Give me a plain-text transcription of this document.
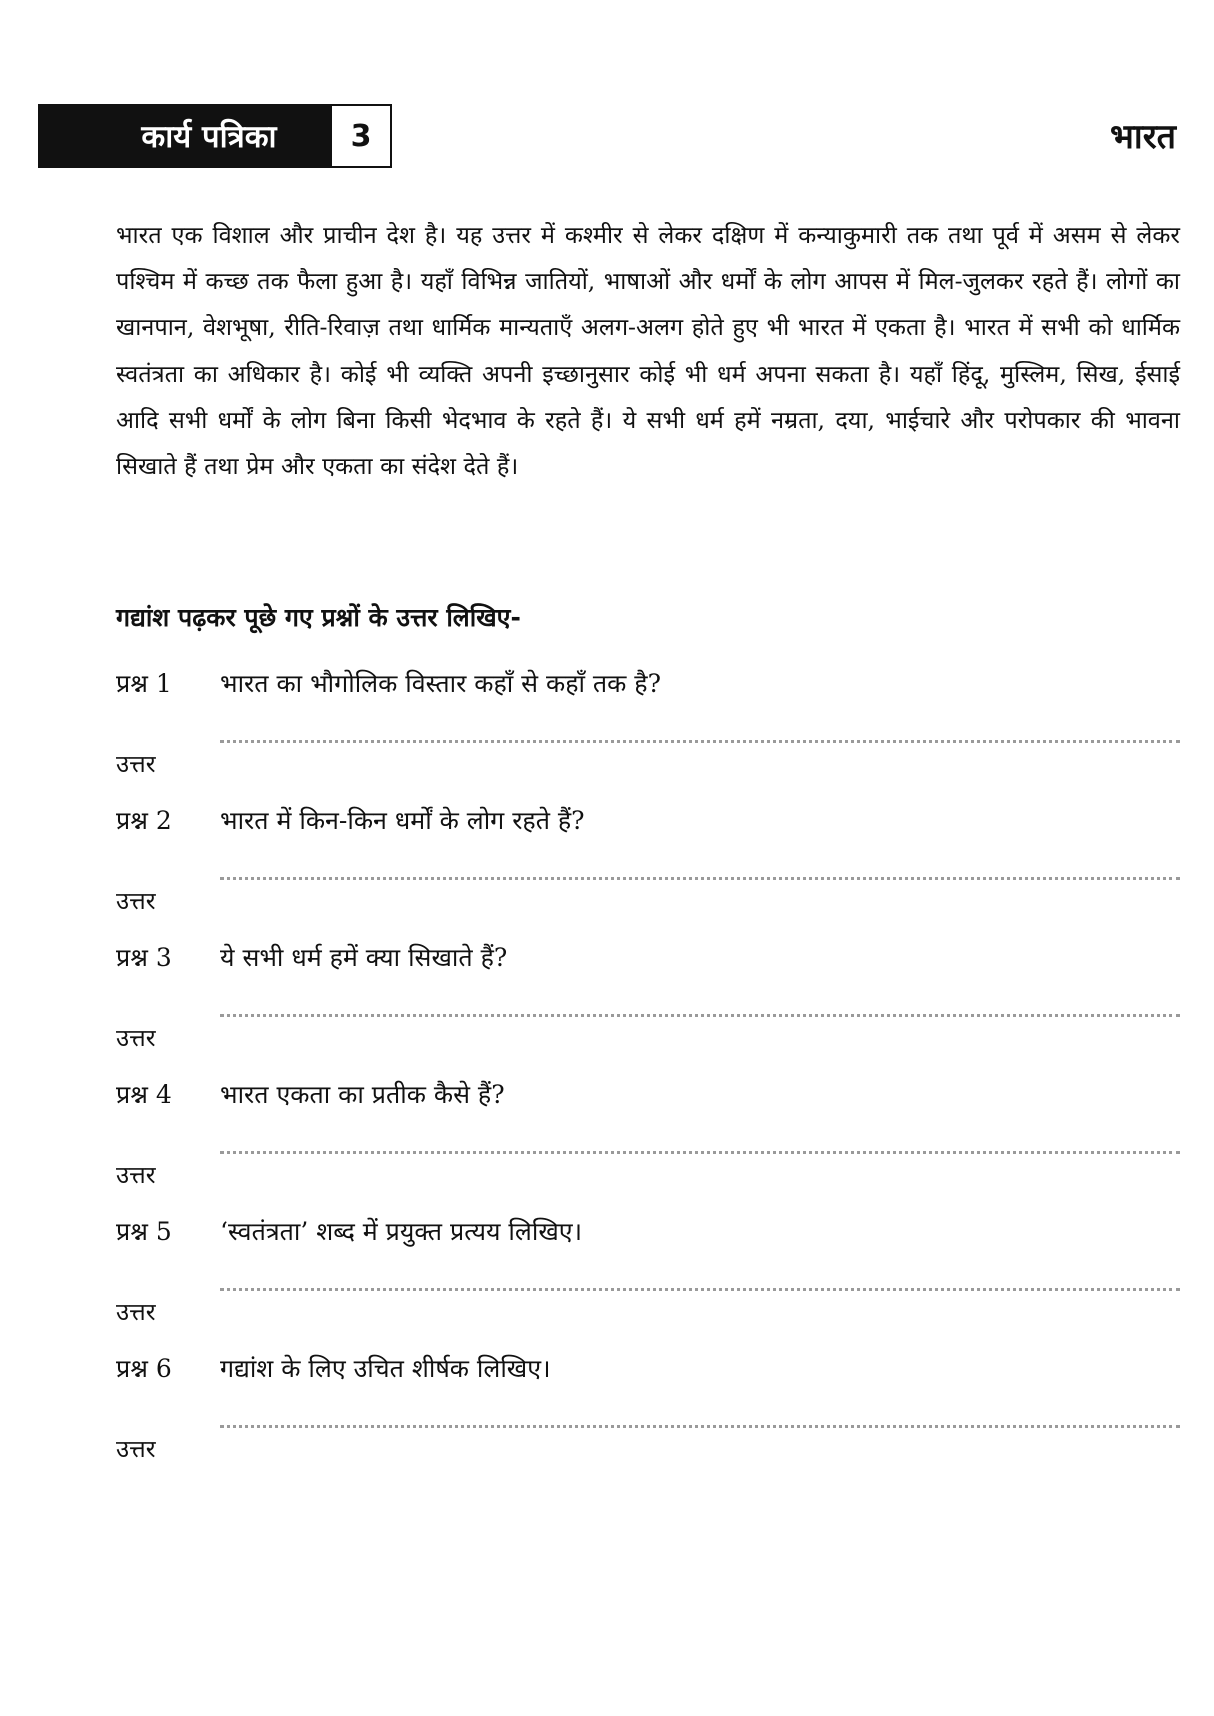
कार्य पत्रिका 3	भारत

भारत एक विशाल और प्राचीन देश है। यह उत्तर में कश्मीर से लेकर दक्षिण में कन्याकुमारी तक तथा पूर्व में असम से लेकर पश्चिम में कच्छ तक फैला हुआ है। यहाँ विभिन्न जातियों, भाषाओं और धर्मों के लोग आपस में मिल-जुलकर रहते हैं। लोगों का खानपान, वेशभूषा, रीति-रिवाज़ तथा धार्मिक मान्यताएँ अलग-अलग होते हुए भी भारत में एकता है। भारत में सभी को धार्मिक स्वतंत्रता का अधिकार है। कोई भी व्यक्ति अपनी इच्छानुसार कोई भी धर्म अपना सकता है। यहाँ हिंदू, मुस्लिम, सिख, ईसाई आदि सभी धर्मों के लोग बिना किसी भेदभाव के रहते हैं। ये सभी धर्म हमें नम्रता, दया, भाईचारे और परोपकार की भावना सिखाते हैं तथा प्रेम और एकता का संदेश देते हैं।

गद्यांश पढ़कर पूछे गए प्रश्नों के उत्तर लिखिए-
प्रश्न 1	भारत का भौगोलिक विस्तार कहाँ से कहाँ तक है?
उत्तर
प्रश्न 2	भारत में किन-किन धर्मों के लोग रहते हैं?
उत्तर
प्रश्न 3	ये सभी धर्म हमें क्या सिखाते हैं?
उत्तर
प्रश्न 4	भारत एकता का प्रतीक कैसे हैं?
उत्तर
प्रश्न 5	‘स्वतंत्रता’ शब्द में प्रयुक्त प्रत्यय लिखिए।
उत्तर
प्रश्न 6	गद्यांश के लिए उचित शीर्षक लिखिए।
उत्तर
